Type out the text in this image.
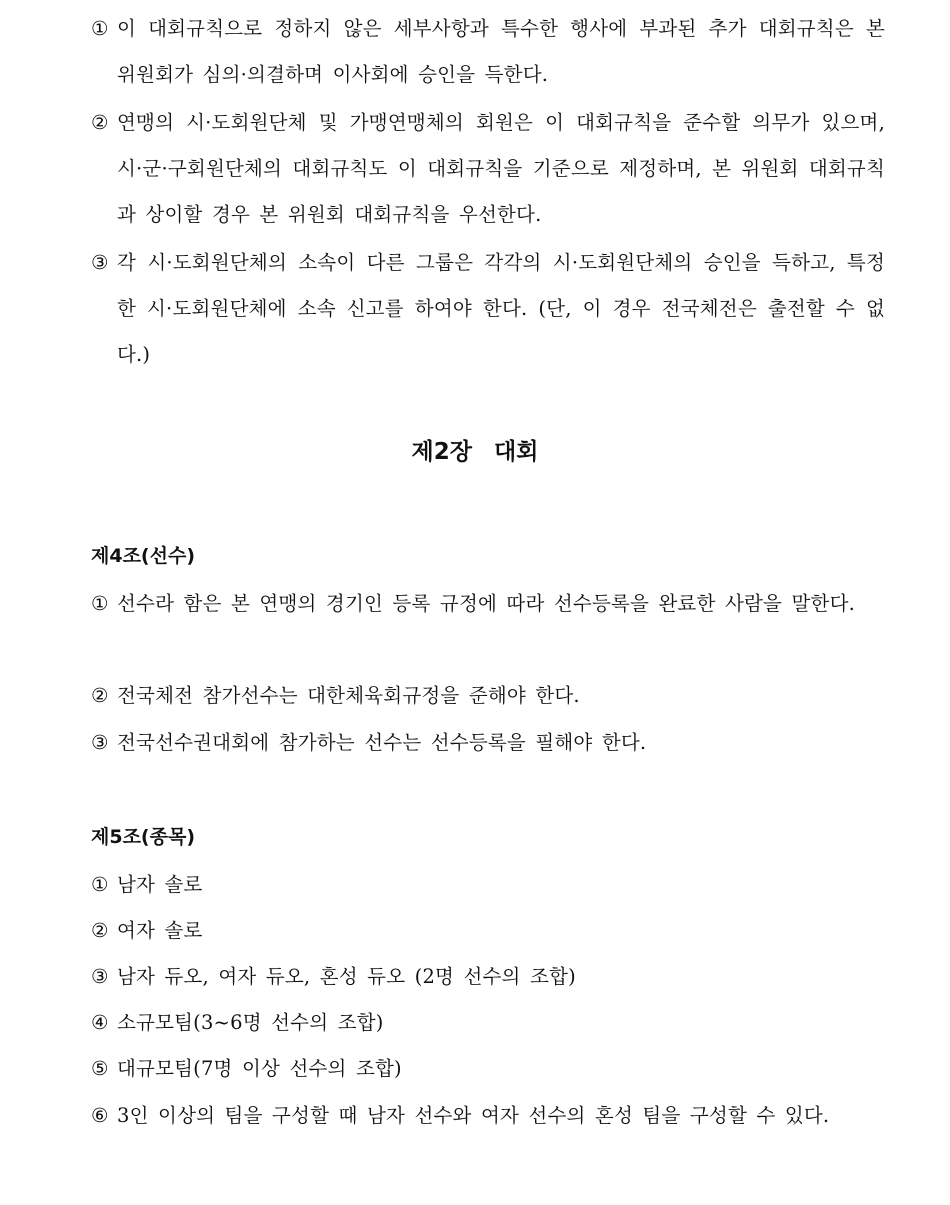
① 이 대회규칙으로 정하지 않은 세부사항과 특수한 행사에 부과된 추가 대회규칙은 본 위원회가 심의·의결하며 이사회에 승인을 득한다.
② 연맹의 시·도회원단체 및 가맹연맹체의 회원은 이 대회규칙을 준수할 의무가 있으며, 시·군·구회원단체의 대회규칙도 이 대회규칙을 기준으로 제정하며, 본 위원회 대회규칙과 상이할 경우 본 위원회 대회규칙을 우선한다.
③ 각 시·도회원단체의 소속이 다른 그룹은 각각의 시·도회원단체의 승인을 득하고, 특정한 시·도회원단체에 소속 신고를 하여야 한다. (단, 이 경우 전국체전은 출전할 수 없다.)
제2장 대회
제4조(선수)
① 선수라 함은 본 연맹의 경기인 등록 규정에 따라 선수등록을 완료한 사람을 말한다.
② 전국체전 참가선수는 대한체육회규정을 준해야 한다.
③ 전국선수권대회에 참가하는 선수는 선수등록을 필해야 한다.
제5조(종목)
① 남자 솔로
② 여자 솔로
③ 남자 듀오, 여자 듀오, 혼성 듀오 (2명 선수의 조합)
④ 소규모팀(3~6명 선수의 조합)
⑤ 대규모팀(7명 이상 선수의 조합)
⑥ 3인 이상의 팀을 구성할 때 남자 선수와 여자 선수의 혼성 팀을 구성할 수 있다.
